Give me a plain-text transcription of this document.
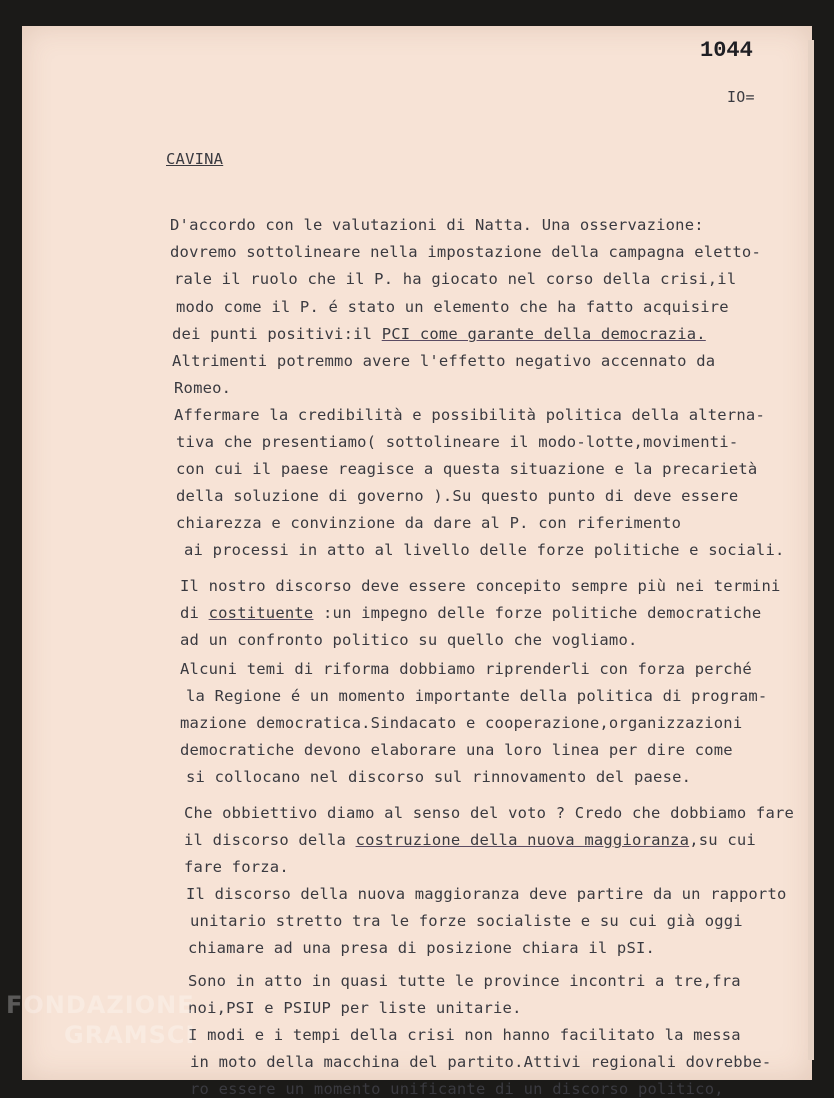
1044
IO=
CAVINA
D'accordo con le valutazioni di Natta. Una osservazione:
dovremo sottolineare nella impostazione della campagna eletto-
rale il ruolo che il P. ha giocato nel corso della crisi,il
modo come il P. é stato un elemento che ha fatto acquisire
dei punti positivi:il PCI come garante della democrazia.
Altrimenti potremmo avere l'effetto negativo accennato da
Romeo.
Affermare la credibilità e possibilità politica della alterna-
tiva che presentiamo( sottolineare il modo-lotte,movimenti-
con cui il paese reagisce a questa situazione e la precarietà
della soluzione di governo ).Su questo punto di deve essere
chiarezza e convinzione da dare al P. con riferimento
ai processi in atto al livello delle forze politiche e sociali.
Il nostro discorso deve essere concepito sempre più nei termini
di costituente :un impegno delle forze politiche democratiche
ad un confronto politico su quello che vogliamo.
Alcuni temi di riforma dobbiamo riprenderli con forza perché
la Regione é un momento importante della politica di program-
mazione democratica.Sindacato e cooperazione,organizzazioni
democratiche devono elaborare una loro linea per dire come
si collocano nel discorso sul rinnovamento del paese.
Che obbiettivo diamo al senso del voto ? Credo che dobbiamo fare
il discorso della costruzione della nuova maggioranza,su cui
fare forza.
Il discorso della nuova maggioranza deve partire da un rapporto
unitario stretto tra le forze socialiste e su cui già oggi
chiamare ad una presa di posizione chiara il pSI.
Sono in atto in quasi tutte le province incontri a tre,fra
noi,PSI e PSIUP per liste unitarie.
I modi e i tempi della crisi non hanno facilitato la messa
in moto della macchina del partito.Attivi regionali dovrebbe-
ro essere un momento unificante di un discorso politico,
FONDAZIONE
GRAMSCI
